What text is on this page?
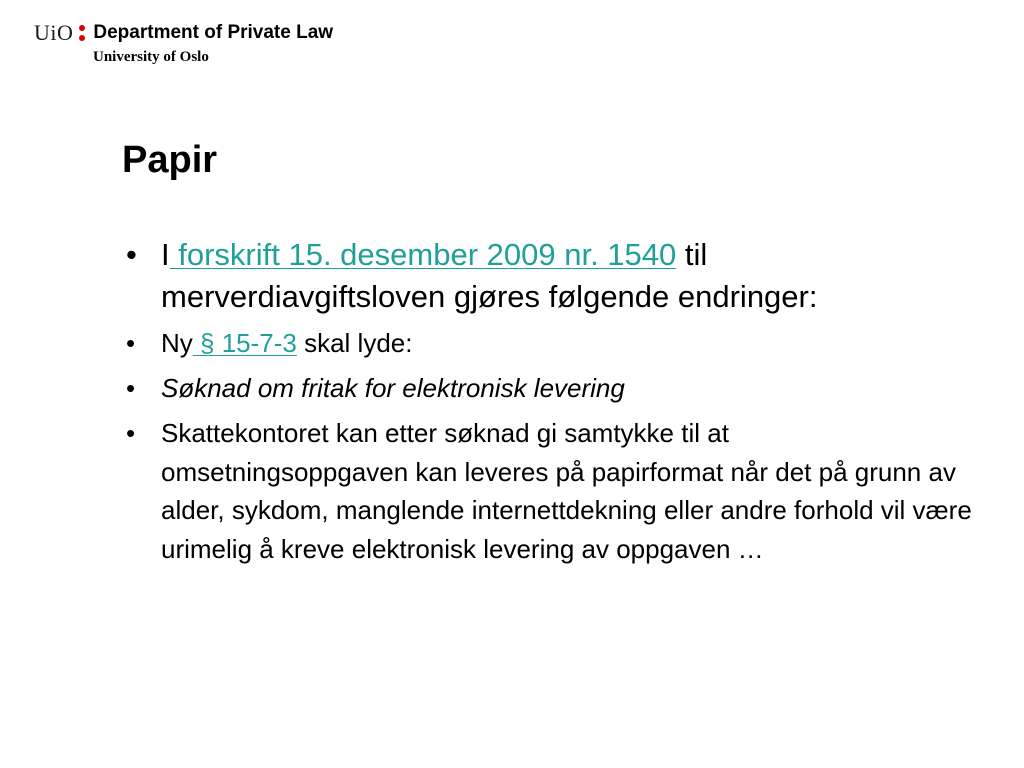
UiO Department of Private Law
University of Oslo
Papir
• I forskrift 15. desember 2009 nr. 1540 til merverdiavgiftsloven gjøres følgende endringer:
• Ny § 15-7-3 skal lyde:
• Søknad om fritak for elektronisk levering
• Skattekontoret kan etter søknad gi samtykke til at omsetningsoppgaven kan leveres på papirformat når det på grunn av alder, sykdom, manglende internettdekning eller andre forhold vil være urimelig å kreve elektronisk levering av oppgaven …
